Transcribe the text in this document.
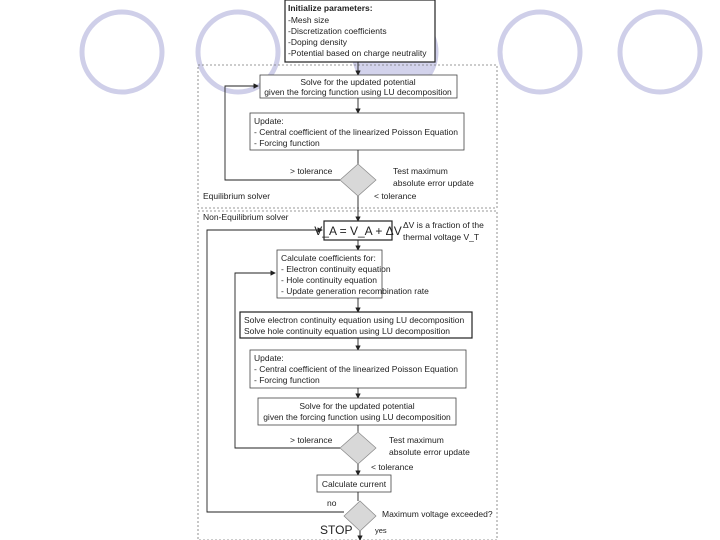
Initialize parameters:
-Mesh size
-Discretization coefficients
-Doping density
-Potential based on charge neutrality
Solve for the updated potential
given the forcing function using LU decomposition
Update:
- Central coefficient of the linearized Poisson Equation
- Forcing function
> tolerance	Test maximum
absolute error update
Equilibrium solver	< tolerance
Non-Equilibrium solver
V_A = V_A + ΔV ΔV is a fraction of the
thermal voltage V_T
Calculate coefficients for:
- Electron continuity equation
- Hole continuity equation
- Update generation recombination rate
Solve electron continuity equation using LU decomposition
Solve hole continuity equation using LU decomposition
Update:
- Central coefficient of the linearized Poisson Equation
- Forcing function
Solve for the updated potential
given the forcing function using LU decomposition
> tolerance	Test maximum
absolute error update
< tolerance
Calculate current
no
Maximum voltage exceeded?
STOP	yes
